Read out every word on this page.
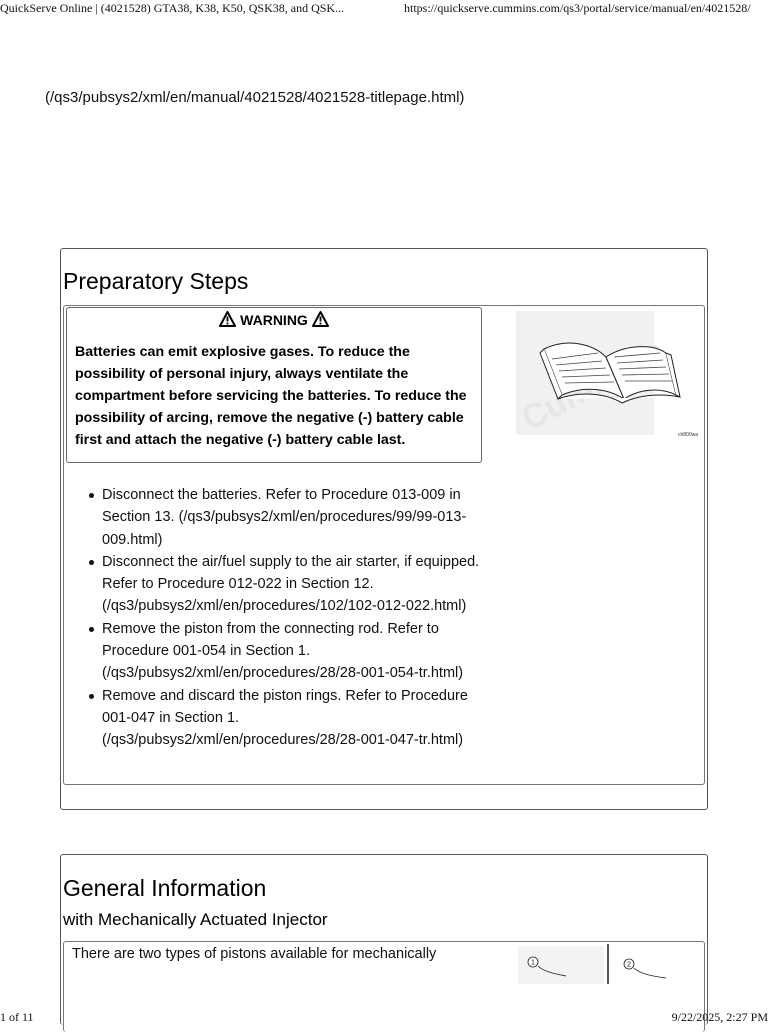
QuickServe Online | (4021528) GTA38, K38, K50, QSK38, and QSK...	https://quickserve.cummins.com/qs3/portal/service/manual/en/4021528/
(/qs3/pubsys2/xml/en/manual/4021528/4021528-titlepage.html)
Preparatory Steps
WARNING
Batteries can emit explosive gases. To reduce the possibility of personal injury, always ventilate the compartment before servicing the batteries. To reduce the possibility of arcing, remove the negative (-) battery cable first and attach the negative (-) battery cable last.	ch800wa
Disconnect the batteries. Refer to Procedure 013-009 in Section 13. (/qs3/pubsys2/xml/en/procedures/99/99-013-009.html)
Disconnect the air/fuel supply to the air starter, if equipped. Refer to Procedure 012-022 in Section 12. (/qs3/pubsys2/xml/en/procedures/102/102-012-022.html)
Remove the piston from the connecting rod. Refer to Procedure 001-054 in Section 1. (/qs3/pubsys2/xml/en/procedures/28/28-001-054-tr.html)
Remove and discard the piston rings. Refer to Procedure 001-047 in Section 1. (/qs3/pubsys2/xml/en/procedures/28/28-001-047-tr.html)
General Information
with Mechanically Actuated Injector
There are two types of pistons available for mechanically
1	2
1 of 11	9/22/2025, 2:27 PM
